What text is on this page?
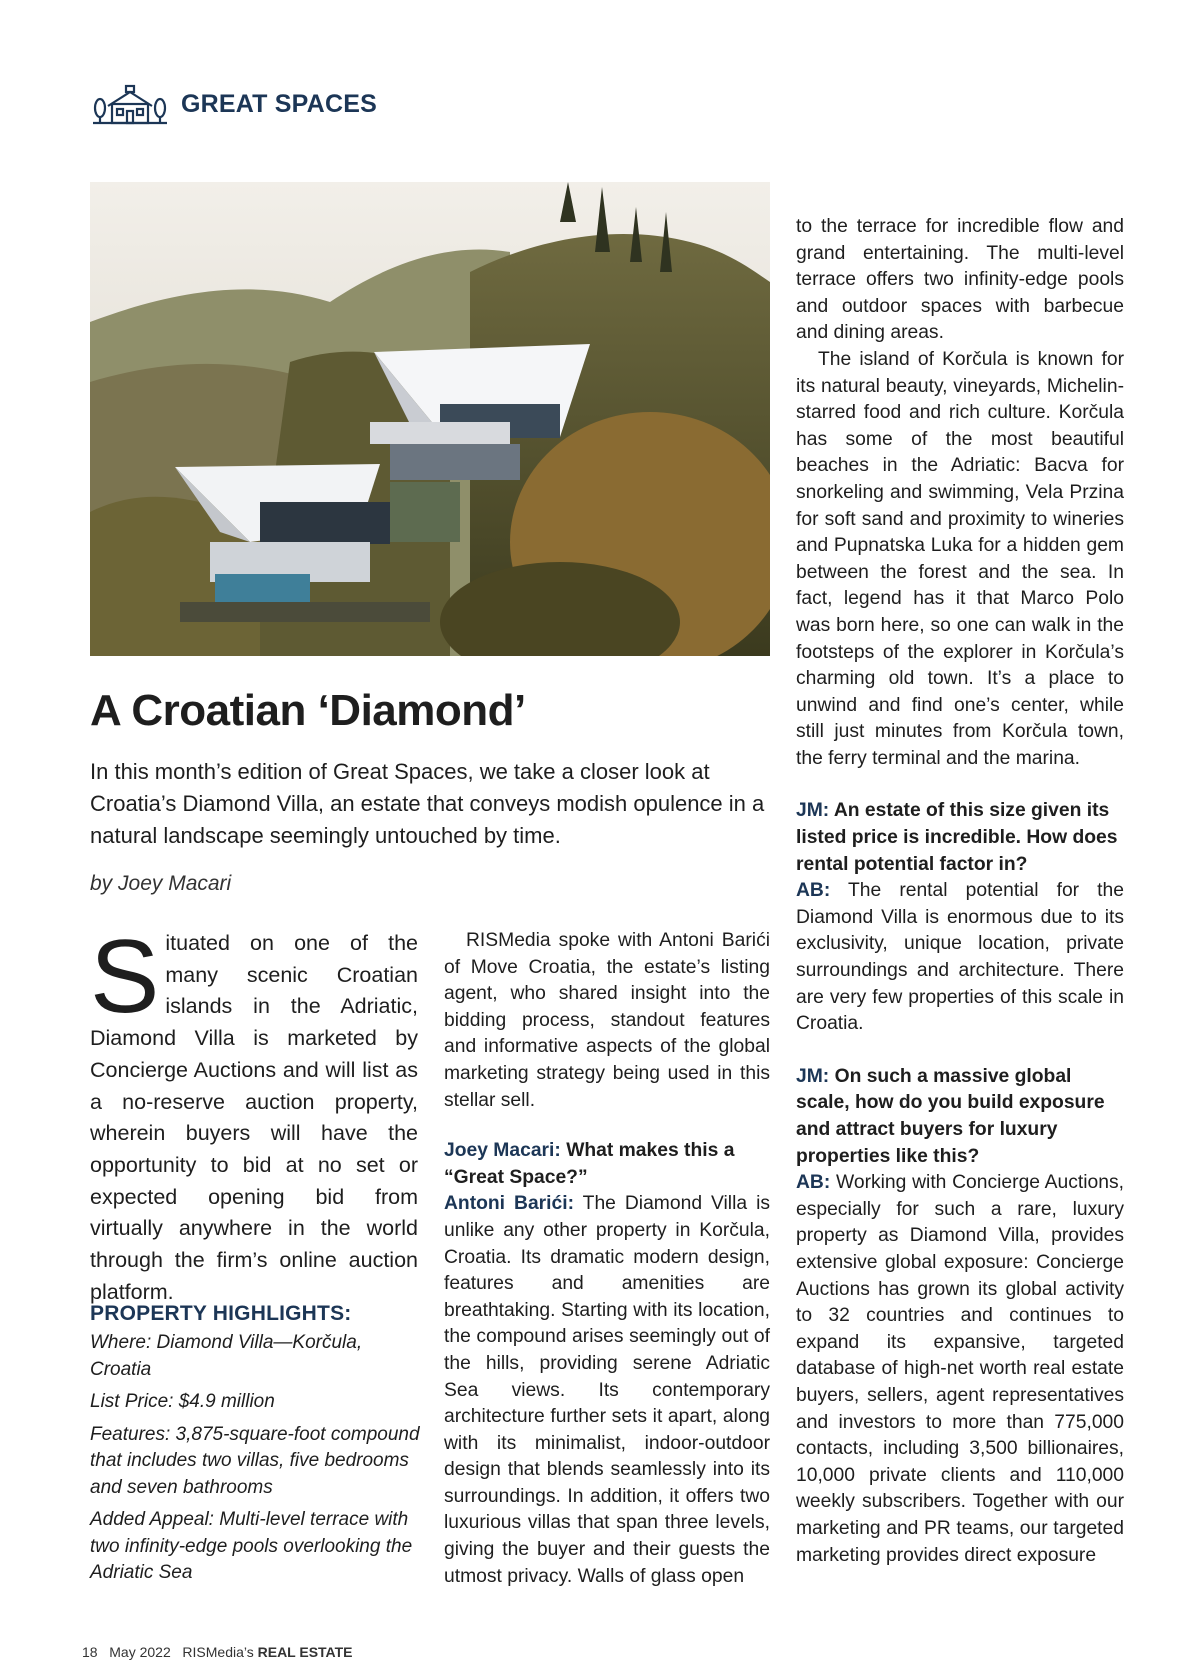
GREAT SPACES
A Croatian ‘Diamond’

In this month’s edition of Great Spaces, we take a closer look at Croatia’s Diamond Villa, an estate that conveys modish opulence in a natural landscape seemingly untouched by time.

by Joey Macari

Situated on one of the many scenic Croatian islands in the Adriatic, Diamond Villa is marketed by Concierge Auctions and will list as a no-reserve auction property, wherein buyers will have the opportunity to bid at no set or expected opening bid from virtually anywhere in the world through the firm’s online auction platform.

PROPERTY HIGHLIGHTS:

Where: Diamond Villa—Korčula, Croatia

List Price: $4.9 million

Features: 3,875-square-foot compound that includes two villas, five bedrooms and seven bathrooms

Added Appeal: Multi-level terrace with two infinity-edge pools overlooking the Adriatic Sea

RISMedia spoke with Antoni Barići of Move Croatia, the estate’s listing agent, who shared insight into the bidding process, standout features and informative aspects of the global marketing strategy being used in this stellar sell.

Joey Macari: What makes this a “Great Space?”

Antoni Barići: The Diamond Villa is unlike any other property in Korčula, Croatia. Its dramatic modern design, features and amenities are breathtaking. Starting with its location, the compound arises seemingly out of the hills, providing serene Adriatic Sea views. Its contemporary architecture further sets it apart, along with its minimalist, indoor-outdoor design that blends seamlessly into its surroundings. In addition, it offers two luxurious villas that span three levels, giving the buyer and their guests the utmost privacy. Walls of glass open

to the terrace for incredible flow and grand entertaining. The multi-level terrace offers two infinity-edge pools and outdoor spaces with barbecue and dining areas.

The island of Korčula is known for its natural beauty, vineyards, Michelin-starred food and rich culture. Korčula has some of the most beautiful beaches in the Adriatic: Bacva for snorkeling and swimming, Vela Przina for soft sand and proximity to wineries and Pupnatska Luka for a hidden gem between the forest and the sea. In fact, legend has it that Marco Polo was born here, so one can walk in the footsteps of the explorer in Korčula’s charming old town. It’s a place to unwind and find one’s center, while still just minutes from Korčula town, the ferry terminal and the marina.

JM: An estate of this size given its listed price is incredible. How does rental potential factor in?

AB: The rental potential for the Diamond Villa is enormous due to its exclusivity, unique location, private surroundings and architecture. There are very few properties of this scale in Croatia.

JM: On such a massive global scale, how do you build exposure and attract buyers for luxury properties like this?

AB: Working with Concierge Auctions, especially for such a rare, luxury property as Diamond Villa, provides extensive global exposure: Concierge Auctions has grown its global activity to 32 countries and continues to expand its expansive, targeted database of high-net worth real estate buyers, sellers, agent representatives and investors to more than 775,000 contacts, including 3,500 billionaires, 10,000 private clients and 110,000 weekly subscribers. Together with our marketing and PR teams, our targeted marketing provides direct exposure

18 May 2022 RISMedia’s REAL ESTATE
